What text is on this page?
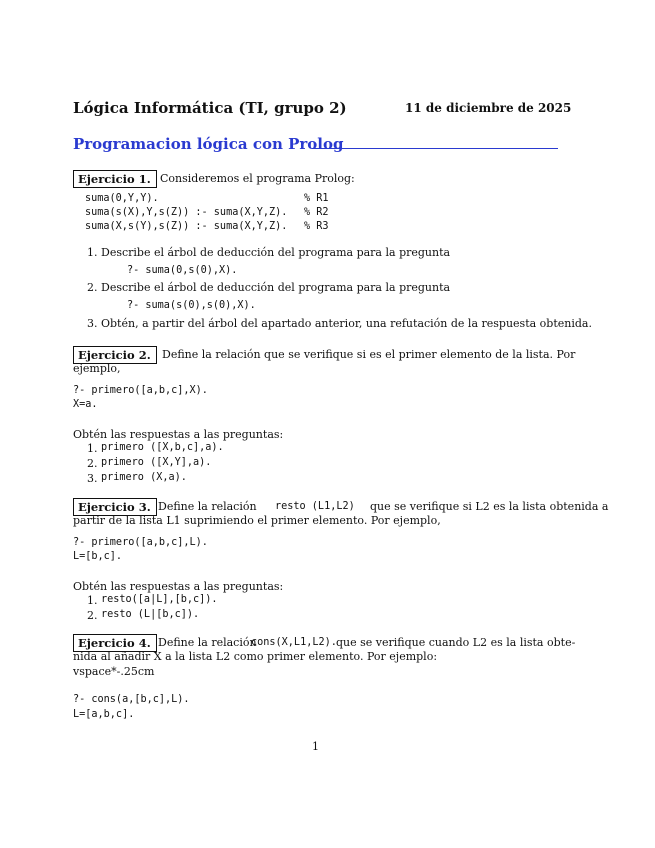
Lógica Informática (TI, grupo 2)	11 de diciembre de 2025
Programacion lógica con Prolog
Ejercicio 1. Consideremos el programa Prolog:
suma(0,Y,Y).	% R1
suma(s(X),Y,s(Z)) :- suma(X,Y,Z). % R2
suma(X,s(Y),s(Z)) :- suma(X,Y,Z). % R3
1. Describe el árbol de deducción del programa para la pregunta
?- suma(0,s(0),X).
2. Describe el árbol de deducción del programa para la pregunta
?- suma(s(0),s(0),X).
3. Obtén, a partir del árbol del apartado anterior, una refutación de la respuesta obtenida.
Ejercicio 2.	Define la relación que se verifique si es el primer elemento de la lista. Por
ejemplo,
?- primero([a,b,c],X).
X=a.
Obtén las respuestas a las preguntas:
1. primero ([X,b,c],a).
2. primero ([X,Y],a).
3. primero (X,a).
Ejercicio 3. Define la relación resto (L1,L2) que se verifique si L2 es la lista obtenida a
partir de la lista L1 suprimiendo el primer elemento. Por ejemplo,
?- primero([a,b,c],L).
L=[b,c].
Obtén las respuestas a las preguntas:
1. resto([a|L],[b,c]).
2. resto (L|[b,c]).
Ejercicio 4. Define la relación
cons(X,L1,L2). que se verifique cuando L2 es la lista obte-
nida al añadir X a la lista L2 como primer elemento. Por ejemplo:
vspace*-.25cm
?- cons(a,[b,c],L).
L=[a,b,c].
1
